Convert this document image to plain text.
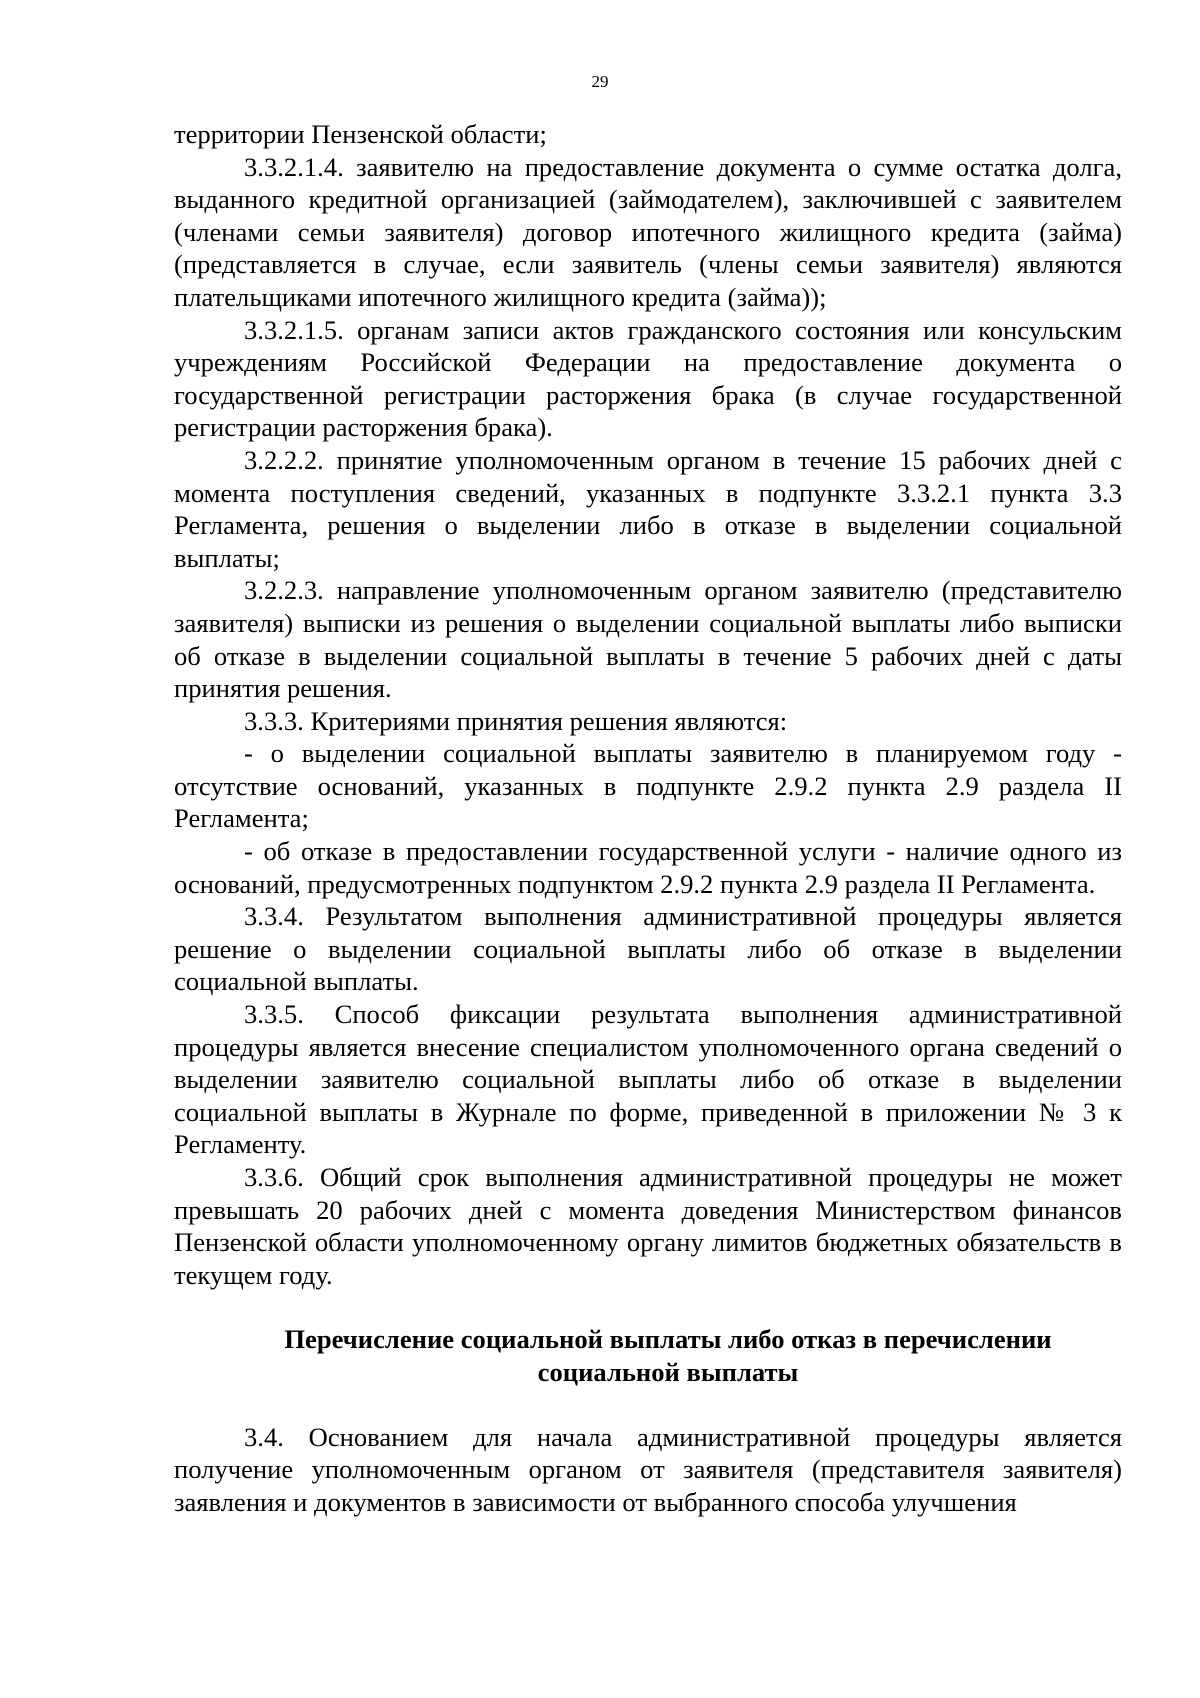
29

территории Пензенской области;

3.3.2.1.4. заявителю на предоставление документа о сумме остатка долга, выданного кредитной организацией (займодателем), заключившей с заявителем (членами семьи заявителя) договор ипотечного жилищного кредита (займа) (представляется в случае, если заявитель (члены семьи заявителя) являются плательщиками ипотечного жилищного кредита (займа));

3.3.2.1.5. органам записи актов гражданского состояния или консульским учреждениям Российской Федерации на предоставление документа о государственной регистрации расторжения брака (в случае государственной регистрации расторжения брака).

3.2.2.2. принятие уполномоченным органом в течение 15 рабочих дней с момента поступления сведений, указанных в подпункте 3.3.2.1 пункта 3.3 Регламента, решения о выделении либо в отказе в выделении социальной выплаты;

3.2.2.3. направление уполномоченным органом заявителю (представителю заявителя) выписки из решения о выделении социальной выплаты либо выписки об отказе в выделении социальной выплаты в течение 5 рабочих дней с даты принятия решения.

3.3.3. Критериями принятия решения являются:

- о выделении социальной выплаты заявителю в планируемом году - отсутствие оснований, указанных в подпункте 2.9.2 пункта 2.9 раздела II Регламента;

- об отказе в предоставлении государственной услуги - наличие одного из оснований, предусмотренных подпунктом 2.9.2 пункта 2.9 раздела II Регламента.

3.3.4. Результатом выполнения административной процедуры является решение о выделении социальной выплаты либо об отказе в выделении социальной выплаты.

3.3.5. Способ фиксации результата выполнения административной процедуры является внесение специалистом уполномоченного органа сведений о выделении заявителю социальной выплаты либо об отказе в выделении социальной выплаты в Журнале по форме, приведенной в приложении № 3 к Регламенту.

3.3.6. Общий срок выполнения административной процедуры не может превышать 20 рабочих дней с момента доведения Министерством финансов Пензенской области уполномоченному органу лимитов бюджетных обязательств в текущем году.

Перечисление социальной выплаты либо отказ в перечислении социальной выплаты

3.4. Основанием для начала административной процедуры является получение уполномоченным органом от заявителя (представителя заявителя) заявления и документов в зависимости от выбранного способа улучшения
